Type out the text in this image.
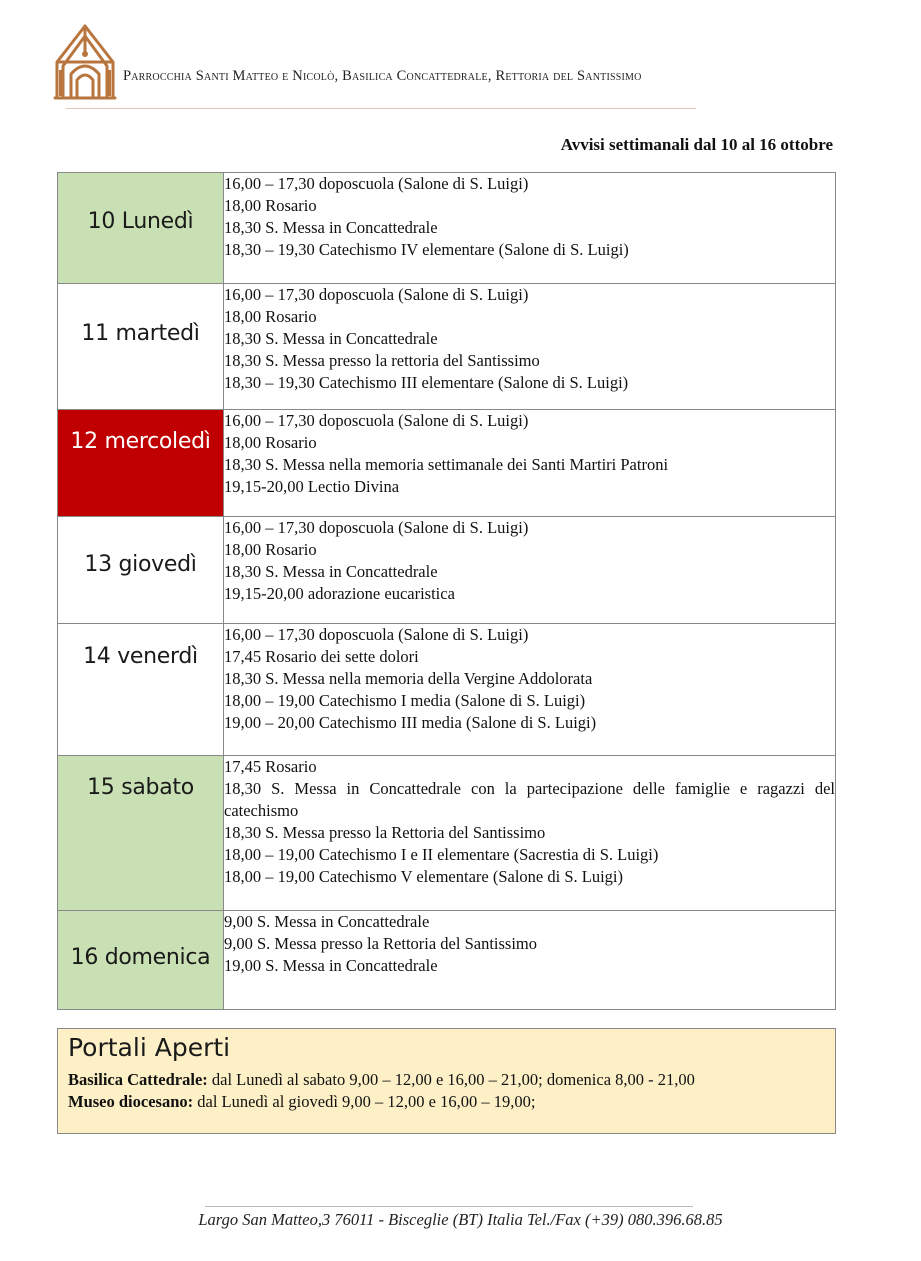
Parrocchia Santi Matteo e Nicolò, Basilica Concattedrale, Rettoria del Santissimo
Avvisi settimanali dal 10 al 16 ottobre
10 Lunedì	16,00 – 17,30 doposcuola (Salone di S. Luigi)
18,00 Rosario
18,30 S. Messa in Concattedrale
18,30 – 19,30 Catechismo IV elementare (Salone di S. Luigi)

11 martedì	16,00 – 17,30 doposcuola (Salone di S. Luigi)
18,00 Rosario
18,30 S. Messa in Concattedrale
18,30 S. Messa presso la rettoria del Santissimo
18,30 – 19,30 Catechismo III elementare (Salone di S. Luigi)

12 mercoledì	16,00 – 17,30 doposcuola (Salone di S. Luigi)
18,00 Rosario
18,30 S. Messa nella memoria settimanale dei Santi Martiri Patroni
19,15-20,00 Lectio Divina

13 giovedì	16,00 – 17,30 doposcuola (Salone di S. Luigi)
18,00 Rosario
18,30 S. Messa in Concattedrale
19,15-20,00 adorazione eucaristica

14 venerdì	16,00 – 17,30 doposcuola (Salone di S. Luigi)
17,45 Rosario dei sette dolori
18,30 S. Messa nella memoria della Vergine Addolorata
18,00 – 19,00 Catechismo I media (Salone di S. Luigi)
19,00 – 20,00 Catechismo III media (Salone di S. Luigi)

15 sabato	17,45 Rosario
18,30 S. Messa in Concattedrale con la partecipazione delle famiglie e ragazzi del catechismo
18,30 S. Messa presso la Rettoria del Santissimo
18,00 – 19,00 Catechismo I e II elementare (Sacrestia di S. Luigi)
18,00 – 19,00 Catechismo V elementare (Salone di S. Luigi)

16 domenica	9,00 S. Messa in Concattedrale
9,00 S. Messa presso la Rettoria del Santissimo
19,00 S. Messa in Concattedrale
Portali Aperti
Basilica Cattedrale: dal Lunedì al sabato 9,00 – 12,00 e 16,00 – 21,00; domenica 8,00 - 21,00
Museo diocesano: dal Lunedì al giovedì 9,00 – 12,00 e 16,00 – 19,00;
Largo San Matteo,3 76011 - Bisceglie (BT) Italia Tel./Fax (+39) 080.396.68.85
